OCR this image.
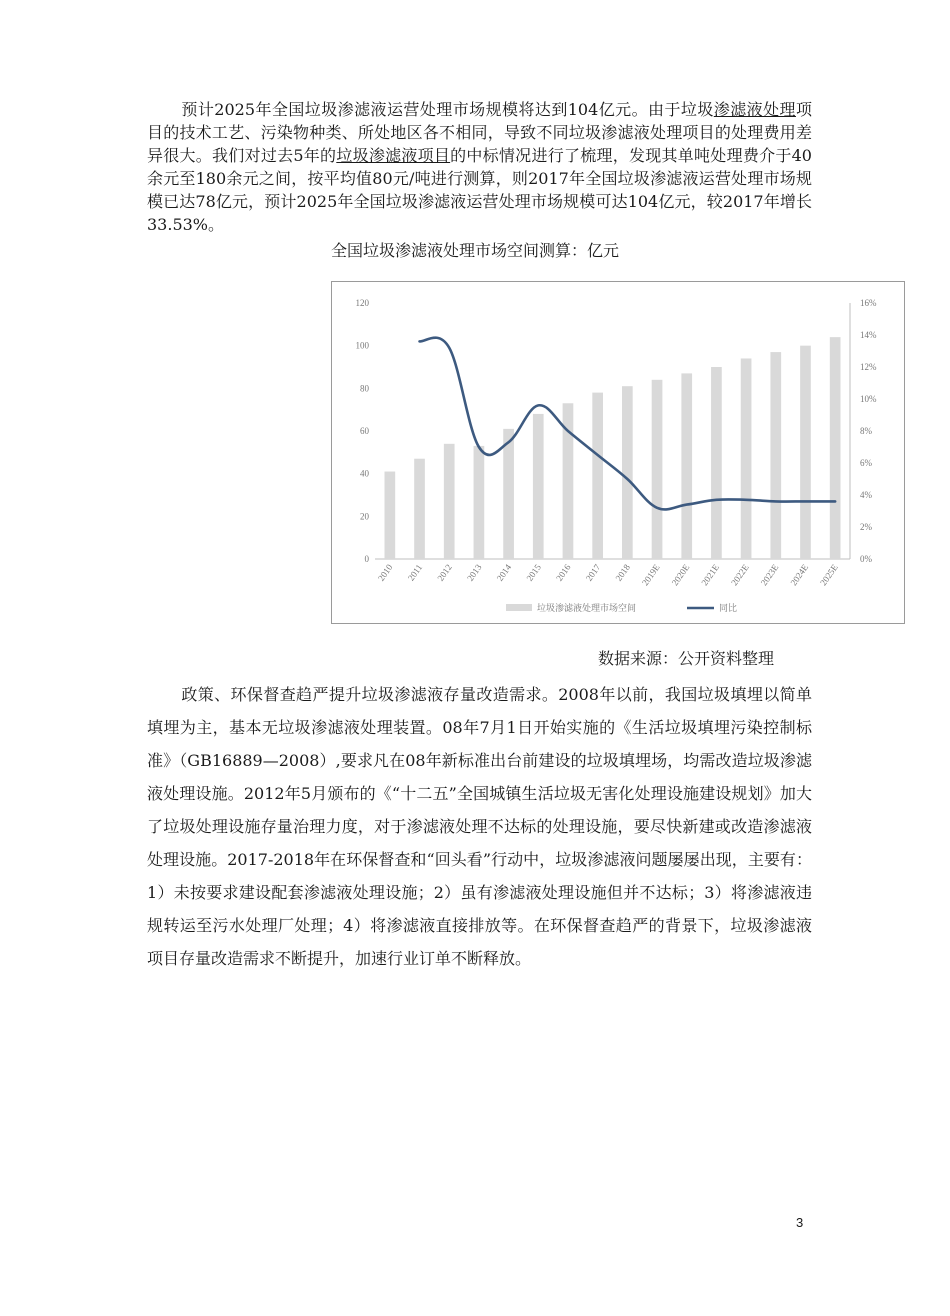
预计2025年全国垃圾渗滤液运营处理市场规模将达到104亿元。由于垃圾渗滤液处理项目的技术工艺、污染物种类、所处地区各不相同，导致不同垃圾渗滤液处理项目的处理费用差异很大。我们对过去5年的垃圾渗滤液项目的中标情况进行了梳理，发现其单吨处理费介于40余元至180余元之间，按平均值80元/吨进行测算，则2017年全国垃圾渗滤液运营处理市场规模已达78亿元，预计2025年全国垃圾渗滤液运营处理市场规模可达104亿元，较2017年增长33.53%。

全国垃圾渗滤液处理市场空间测算：亿元

0
20
40
60
80
100
120
0%
2%
4%
6%
8%
10%
12%
14%
16%
2010 2011 2012 2013 2014 2015 2016 2017 2018 2019E 2020E 2021E 2022E 2023E 2024E 2025E
垃圾渗滤液处理市场空间	同比

数据来源：公开资料整理

政策、环保督查趋严提升垃圾渗滤液存量改造需求。2008年以前，我国垃圾填埋以简单填埋为主，基本无垃圾渗滤液处理装置。08年7月1日开始实施的《生活垃圾填埋污染控制标准》（GB16889—2008）,要求凡在08年新标准出台前建设的垃圾填埋场，均需改造垃圾渗滤液处理设施。2012年5月颁布的《“十二五”全国城镇生活垃圾无害化处理设施建设规划》加大了垃圾处理设施存量治理力度，对于渗滤液处理不达标的处理设施，要尽快新建或改造渗滤液处理设施。2017-2018年在环保督查和“回头看”行动中，垃圾渗滤液问题屡屡出现，主要有：1）未按要求建设配套渗滤液处理设施；2）虽有渗滤液处理设施但并不达标；3）将渗滤液违规转运至污水处理厂处理；4）将渗滤液直接排放等。在环保督查趋严的背景下，垃圾渗滤液项目存量改造需求不断提升，加速行业订单不断释放。

3
